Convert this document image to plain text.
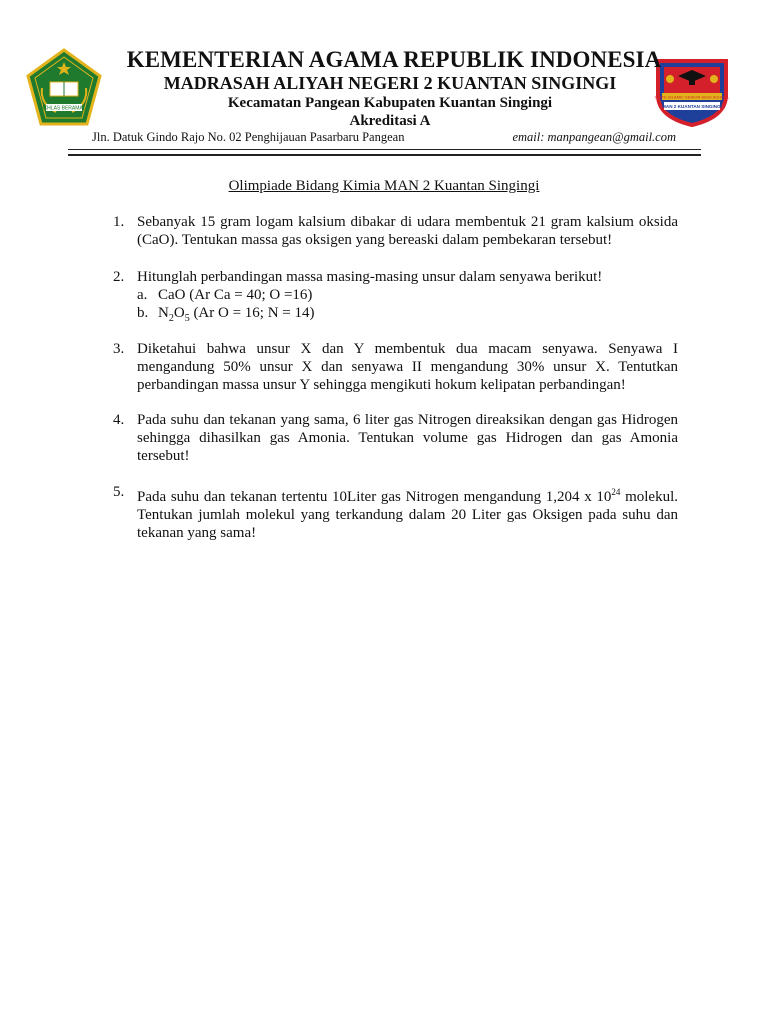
IKHLAS BERAMAL
STATE ISLAMIC SENIOR HIGH SCHOOL
MAN 2 KUANTAN SINGINGI
KEMENTERIAN AGAMA REPUBLIK INDONESIA
MADRASAH ALIYAH NEGERI 2 KUANTAN SINGINGI
Kecamatan Pangean Kabupaten Kuantan Singingi
Akreditasi A
Jln. Datuk Gindo Rajo No. 02 Penghijauan Pasarbaru Pangean	email: manpangean@gmail.com
Olimpiade Bidang Kimia MAN 2 Kuantan Singingi
1. Sebanyak 15 gram logam kalsium dibakar di udara membentuk 21 gram kalsium oksida (CaO). Tentukan massa gas oksigen yang bereaski dalam pembekaran tersebut!
2. Hitunglah perbandingan massa masing-masing unsur dalam senyawa berikut!
a. CaO (Ar Ca = 40; O =16)
b. $N_2O_5$ (Ar O = 16; N = 14)
3. Diketahui bahwa unsur X dan Y membentuk dua macam senyawa. Senyawa I mengandung 50% unsur X dan senyawa II mengandung 30% unsur X. Tentutkan perbandingan massa unsur Y sehingga mengikuti hokum kelipatan perbandingan!
4. Pada suhu dan tekanan yang sama, 6 liter gas Nitrogen direaksikan dengan gas Hidrogen sehingga dihasilkan gas Amonia. Tentukan volume gas Hidrogen dan gas Amonia tersebut!
5. Pada suhu dan tekanan tertentu 10Liter gas Nitrogen mengandung 1,204 x $10^{24}$ molekul. Tentukan jumlah molekul yang terkandung dalam 20 Liter gas Oksigen pada suhu dan tekanan yang sama!
